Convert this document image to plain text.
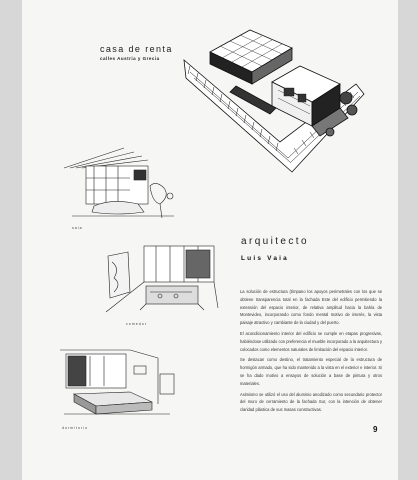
casa de renta
calles Austria y Grecia
s a l a
c o m e d o r
d o r m i t o r i o
arquitecto
Luis Vaia

La solución de estructura (tímpano los apoyos perimetrales con los que se obtiene transparencia total en la fachada Este del edificio permitiendo la extensión del espacio interior, de relativa amplitud hacia la bahía de Montevideo, incorporando como fondo mental motivo de interés, la vista paisaje atractivo y cambiante de la ciudad y del puerto.

El acondicionamiento interior del edificio se cumple en etapas progresivas, habiéndose utilizado con preferencia el mueble incorporado a la arquitectura y colocados como elementos naturales de limitación del espacio interior.

Se destacan como destino, el tratamiento especial de la estructura de hormigón armado, que ha sido mantenido a la vista en el exterior e interior. Si se ha dado motivo a ensayos de solución a base de pintura y otros materiales.

Asimismo se utilizó el uso del aluminio anodizado como secundario protector del muro de cerramiento de la fachada Sur, con la intención de obtener claridad plástica de sus masas constructivas.

9
